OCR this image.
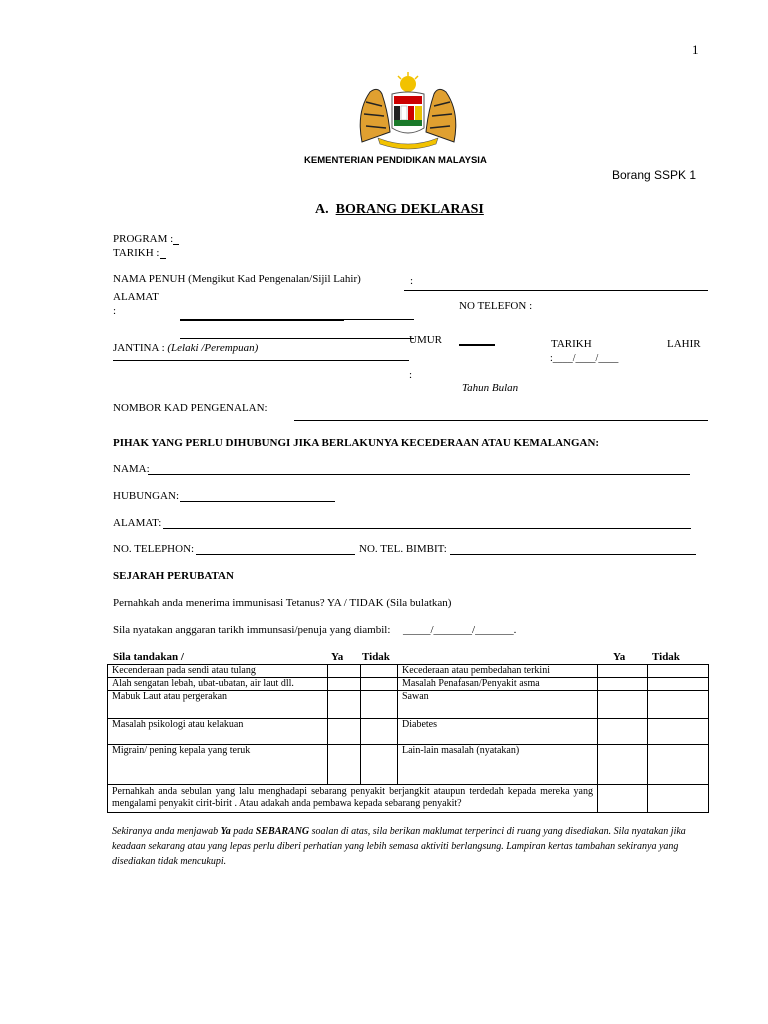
1
KEMENTERIAN PENDIDIKAN MALAYSIA
Borang SSPK 1
A. BORANG DEKLARASI
PROGRAM :
TARIKH :
NAMA PENUH (Mengikut Kad Pengenalan/Sijil Lahir)	:
ALAMAT
:	NO TELEFON :
UMUR	TARIKH	LAHIR
:____/____/____
JANTINA : (Lelaki /Perempuan)
:
Tahun Bulan
NOMBOR KAD PENGENALAN:
PIHAK YANG PERLU DIHUBUNGI JIKA BERLAKUNYA KECEDERAAN ATAU KEMALANGAN:
NAMA:
HUBUNGAN:
ALAMAT:
NO. TELEPHON:	NO. TEL. BIMBIT:
SEJARAH PERUBATAN
Pernahkah anda menerima immunisasi Tetanus? YA / TIDAK (Sila bulatkan)
Sila nyatakan anggaran tarikh immunsasi/penuja yang diambil: _____/_______/_______.
Sila tandakan /	Ya Tidak	Ya Tidak
Kecenderaan pada sendi atau tulang			Kecederaan atau pembedahan terkini		
Alah sengatan lebah, ubat-ubatan, air laut dll.			Masalah Penafasan/Penyakit asma		
Mabuk Laut atau pergerakan			Sawan		
Masalah psikologi atau kelakuan			Diabetes		
Migrain/ pening kepala yang teruk			Lain-lain masalah (nyatakan)		
Pernahkah anda sebulan yang lalu menghadapi sebarang penyakit berjangkit ataupun terdedah kepada mereka yang mengalami penyakit cirit-birit . Atau adakah anda pembawa kepada sebarang penyakit?					
Sekiranya anda menjawab Ya pada SEBARANG soalan di atas, sila berikan maklumat terperinci di ruang yang disediakan. Sila nyatakan jika keadaan sekarang atau yang lepas perlu diberi perhatian yang lebih semasa aktiviti berlangsung. Lampiran kertas tambahan sekiranya yang disediakan tidak mencukupi.
